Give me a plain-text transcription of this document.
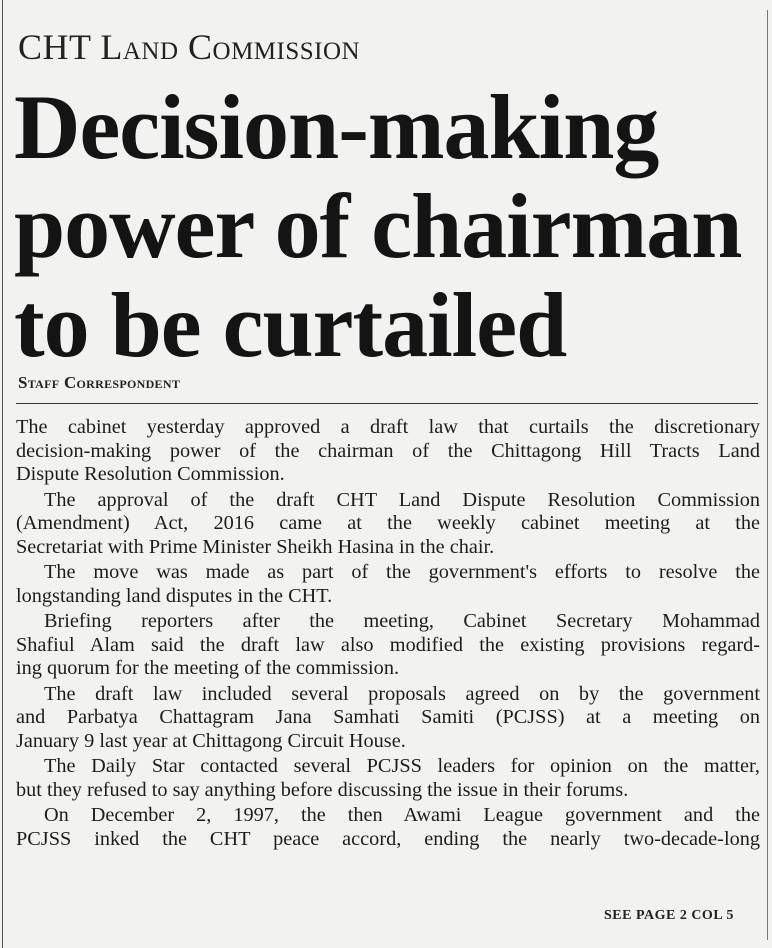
CHT Land Commission
Decision-making
power of chairman
to be curtailed
Staff Correspondent

The cabinet yesterday approved a draft law that curtails the discretionary
decision-making power of the chairman of the Chittagong Hill Tracts Land
Dispute Resolution Commission.

The approval of the draft CHT Land Dispute Resolution Commission
(Amendment) Act, 2016 came at the weekly cabinet meeting at the
Secretariat with Prime Minister Sheikh Hasina in the chair.

The move was made as part of the government's efforts to resolve the
longstanding land disputes in the CHT.

Briefing reporters after the meeting, Cabinet Secretary Mohammad
Shafiul Alam said the draft law also modified the existing provisions regard-
ing quorum for the meeting of the commission.

The draft law included several proposals agreed on by the government
and Parbatya Chattagram Jana Samhati Samiti (PCJSS) at a meeting on
January 9 last year at Chittagong Circuit House.

The Daily Star contacted several PCJSS leaders for opinion on the matter,
but they refused to say anything before discussing the issue in their forums.

On December 2, 1997, the then Awami League government and the
PCJSS inked the CHT peace accord, ending the nearly two-decade-long

SEE PAGE 2 COL 5
